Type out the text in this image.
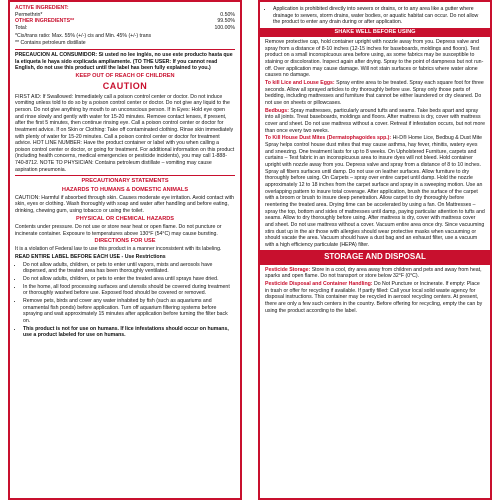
ACTIVE INGREDIENT:
Permethrin*	0.50%
OTHER INGREDIENTS**	99.50%
Total:	100.00%

*Cis/trans ratio: Max. 55% (+/-) cis and Min. 45% (+/-) trans

** Contains petroleum distillate

PRECAUCION AL CONSUMIDOR: Si usted no lee inglés, no use este producto hasta que la etiqueta le haya sido explicada ampliamente. (TO THE USER: If you cannot read English, do not use this product until the label has been fully explained to you.)

KEEP OUT OF REACH OF CHILDREN
CAUTION

FIRST AID: If Swallowed: Immediately call a poison control center or doctor. Do not induce vomiting unless told to do so by a poison control center or doctor. Do not give any liquid to the person. Do not give anything by mouth to an unconscious person. If in Eyes: Hold eye open and rinse slowly and gently with water for 15-20 minutes. Remove contact lenses, if present, after the first 5 minutes, then continue rinsing eye. Call a poison control center or doctor for treatment advice. If on Skin or Clothing: Take off contaminated clothing. Rinse skin immediately with plenty of water for 15-20 minutes. Call a poison control center or doctor for treatment advice. HOT LINE NUMBER: Have the product container or label with you when calling a poison control center or doctor, or going for treatment. For additional information on this product (including health concerns, medical emergencies or pesticide incidents), you may call 1-888-740-8712. NOTE TO PHYSICIAN: Contains petroleum distillate – vomiting may cause aspiration pneumonia.

PRECAUTIONARY STATEMENTS
HAZARDS TO HUMANS & DOMESTIC ANIMALS

CAUTION: Harmful if absorbed through skin. Causes moderate eye irritation. Avoid contact with skin, eyes or clothing. Wash thoroughly with soap and water after handling and before eating, drinking, chewing gum, using tobacco or using the toilet.

PHYSICAL OR CHEMICAL HAZARDS

Contents under pressure. Do not use or store near heat or open flame. Do not puncture or incinerate container. Exposure to temperatures above 130°F (54°C) may cause bursting.

DIRECTIONS FOR USE

It is a violation of Federal law to use this product in a manner inconsistent with its labeling.

READ ENTIRE LABEL BEFORE EACH USE - Use Restrictions

• Do not allow adults, children, or pets to enter until vapors, mists and aerosols have dispersed, and the treated area has been thoroughly ventilated.
• Do not allow adults, children, or pets to enter the treated area until sprays have dried.
• In the home, all food processing surfaces and utensils should be covered during treatment or thoroughly washed before use. Exposed food should be covered or removed.
• Remove pets, birds and cover any water inhabited by fish (such as aquariums and ornamental fish ponds) before application. Turn off aquarium filtering systems before spraying and wait approximately 15 minutes after application before turning the filter back on.
• This product is not for use on humans. If lice infestations should occur on humans, use a product labeled for use on humans.
• Application is prohibited directly into sewers or drains, or to any area like a gutter where drainage to sewers, storm drains, water bodies, or aquatic habitat can occur. Do not allow the product to enter any drain during or after application.
SHAKE WELL BEFORE USING

Remove protective cap, hold container upright with nozzle away from you. Depress valve and spray from a distance of 8-10 inches (12-15 inches for baseboards, moldings and floors). Test product on a small inconspicuous area before using, as some fabrics may be susceptible to staining or discoloration. Inspect again after drying. Spray to the point of dampness but not run-off. Over application may cause damage. Will not stain surfaces or fabrics where water alone causes no damage.

To kill Lice and Louse Eggs: Spray entire area to be treated. Spray each square foot for three seconds. Allow all sprayed articles to dry thoroughly before use. Spray only those parts of bedding, including mattresses and furniture that cannot be either laundered or dry cleaned. Do not use on sheets or pillowcases.

Bedbugs: Spray mattresses, particularly around tufts and seams. Take beds apart and spray into all joints. Treat baseboards, moldings and floors. After mattress is dry, cover with mattress cover and sheet. Do not use mattress without a cover. Retreat if infestation occurs, but not more than once every two weeks.

To Kill House Dust Mites (Dermatophagoides spp.): Hi-D® Home Lice, Bedbug & Dust Mite Spray helps control house dust mites that may cause asthma, hay fever, rhinitis, watery eyes and sneezing. One treatment lasts for up to 8 weeks. On Upholstered Furniture, carpets and curtains – Test fabric in an inconspicuous area to insure dyes will not bleed. Hold container upright with nozzle away from you. Depress valve and spray from a distance of 8 to 10 inches. Spray all fibers surfaces until damp. Do not use on leather surfaces. Allow furniture to dry thoroughly before using. On Carpets – spray over entire carpet until damp. Hold the nozzle approximately 12 to 18 inches from the carpet surface and spray in a sweeping motion. Use an overlapping pattern to insure total coverage. After application, brush the surface of the carpet with a broom or brush to insure deep penetration. Allow carpet to dry thoroughly before reentering the treated area. Drying time can be accelerated by using a fan. On Mattresses – spray the top, bottom and sides of mattresses until damp, paying particular attention to tufts and seams. Allow to dry thoroughly before using. After mattress is dry, cover with mattress cover and sheet. Do not use mattress without a cover. Vacuum entire area once dry. Since vacuuming stirs dust up in the air those with allergies should wear protective masks when vacuuming or should vacate the area. Vacuum should have a dust bag and an exhaust filter, use a vacuum with a high efficiency particulate (HEPA) filter.

STORAGE AND DISPOSAL

Pesticide Storage: Store in a cool, dry area away from children and pets and away from heat, sparks and open flame. Do not transport or store below 32°F (0°C).

Pesticide Disposal and Container Handling: Do Not Puncture or Incinerate. If empty: Place in trash or offer for recycling if available. If partly filled: Call your local solid waste agency for disposal instructions. This container may be recycled in aerosol recycling centers. At present, there are only a few such centers in the country. Before offering for recycling, empty the can by using the product according to the label.
